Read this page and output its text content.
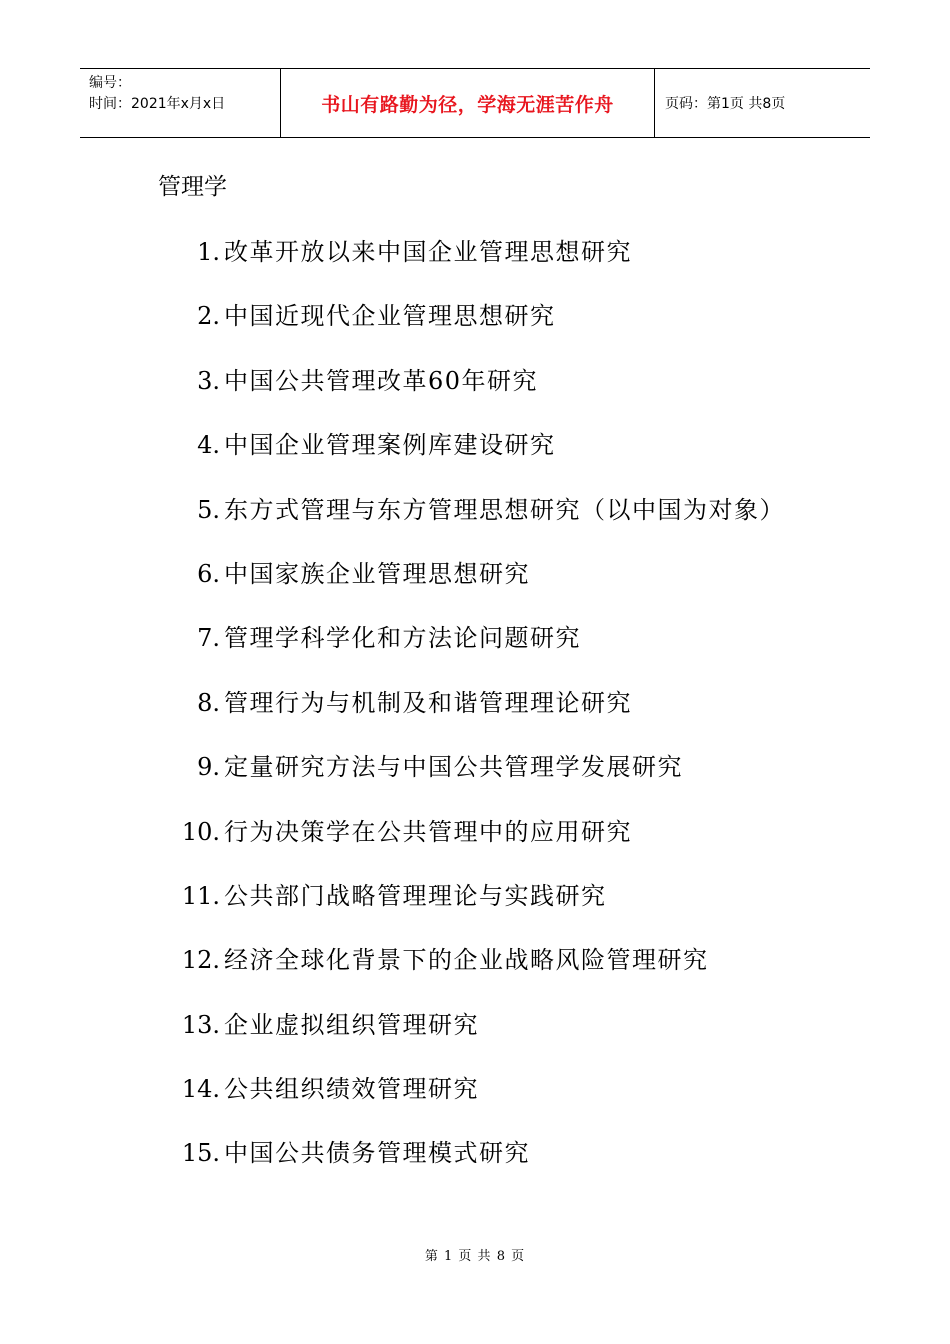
编号：
时间：2021年x月x日	书山有路勤为径，学海无涯苦作舟	页码：第1页 共8页
管理学
1. 改革开放以来中国企业管理思想研究
2. 中国近现代企业管理思想研究
3. 中国公共管理改革60年研究
4. 中国企业管理案例库建设研究
5. 东方式管理与东方管理思想研究（以中国为对象）
6. 中国家族企业管理思想研究
7. 管理学科学化和方法论问题研究
8. 管理行为与机制及和谐管理理论研究
9. 定量研究方法与中国公共管理学发展研究
10. 行为决策学在公共管理中的应用研究
11. 公共部门战略管理理论与实践研究
12. 经济全球化背景下的企业战略风险管理研究
13. 企业虚拟组织管理研究
14. 公共组织绩效管理研究
15. 中国公共债务管理模式研究
第 1 页 共 8 页
